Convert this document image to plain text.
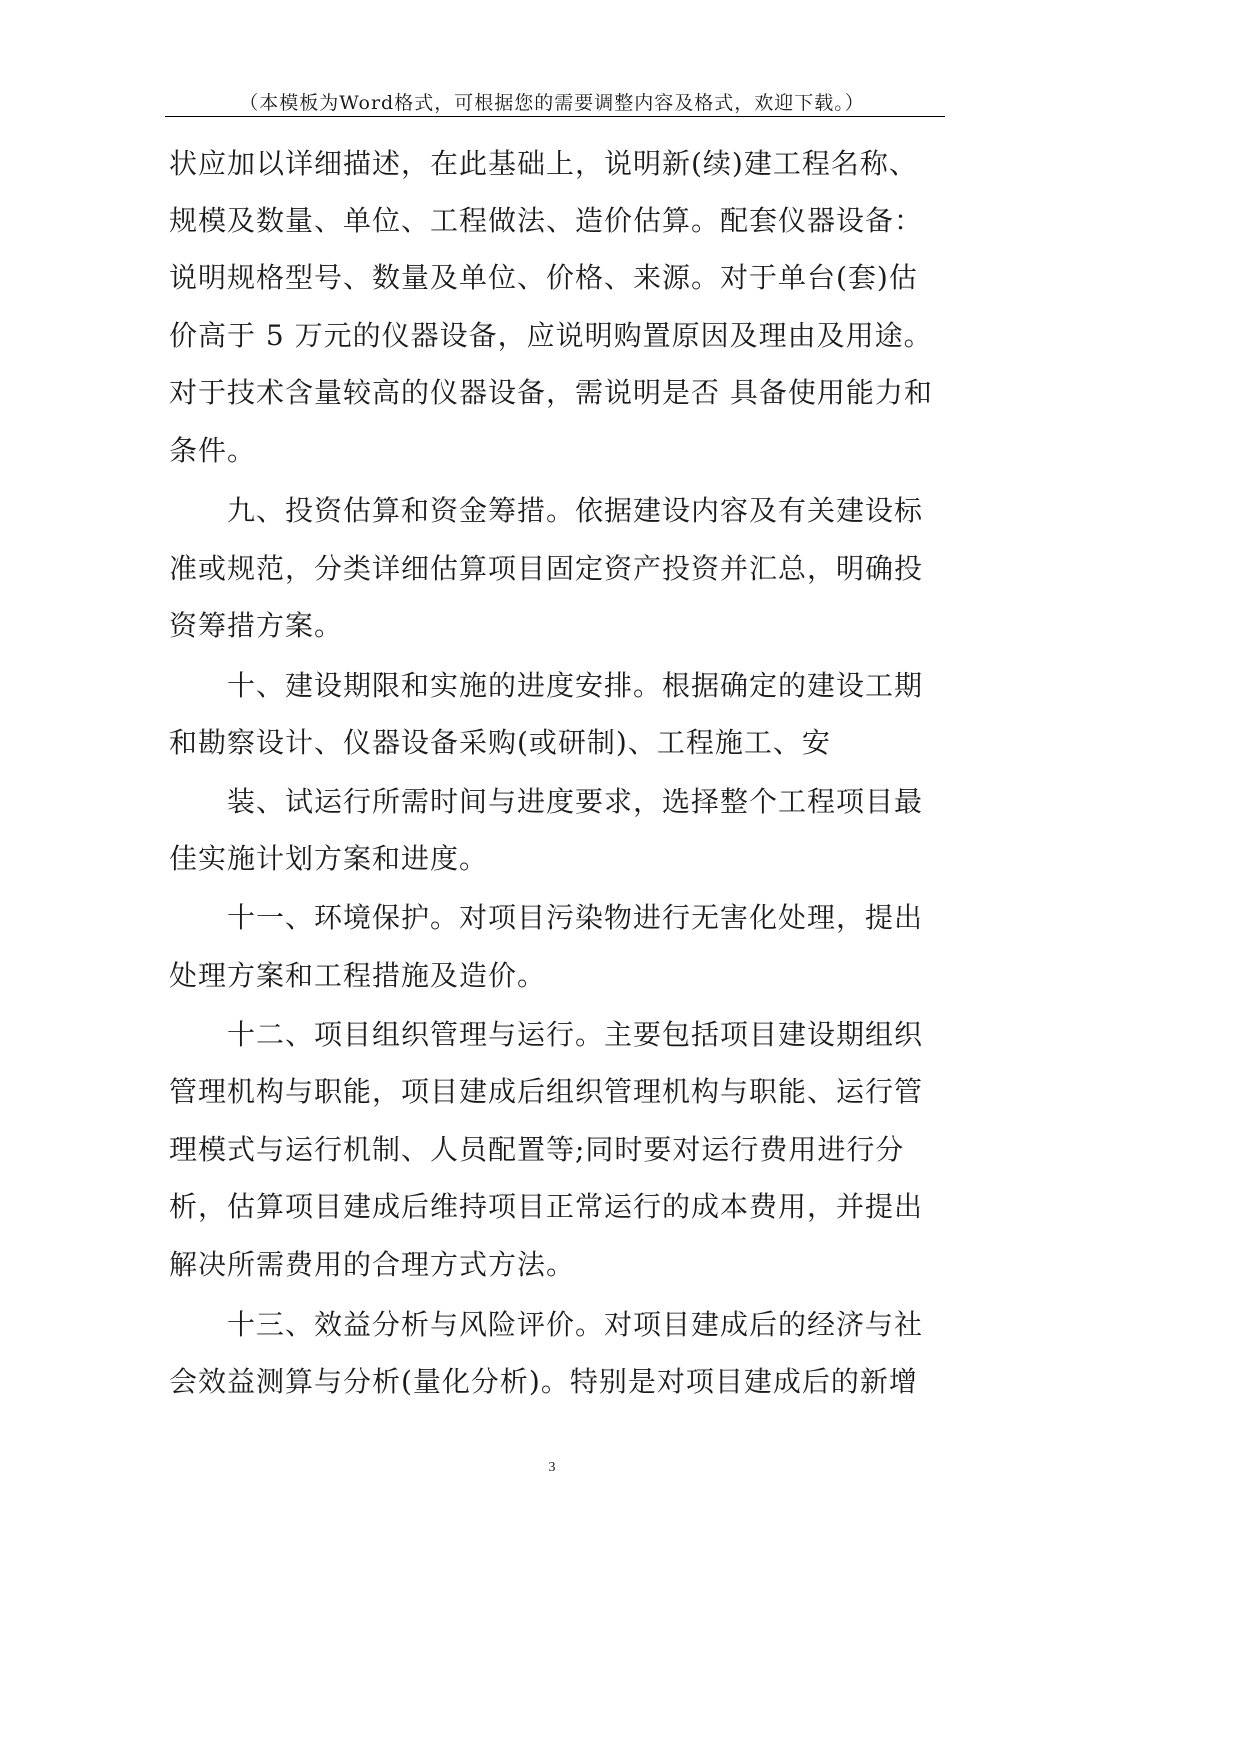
（本模板为Word格式，可根据您的需要调整内容及格式，欢迎下载。）
状应加以详细描述，在此基础上，说明新(续)建工程名称、
规模及数量、单位、工程做法、造价估算。配套仪器设备：
说明规格型号、数量及单位、价格、来源。对于单台(套)估
价高于 5 万元的仪器设备，应说明购置原因及理由及用途。
对于技术含量较高的仪器设备，需说明是否 具备使用能力和
条件。
　　九、投资估算和资金筹措。依据建设内容及有关建设标
准或规范，分类详细估算项目固定资产投资并汇总，明确投
资筹措方案。
　　十、建设期限和实施的进度安排。根据确定的建设工期
和勘察设计、仪器设备采购(或研制)、工程施工、安
　　装、试运行所需时间与进度要求，选择整个工程项目最
佳实施计划方案和进度。
　　十一、环境保护。对项目污染物进行无害化处理，提出
处理方案和工程措施及造价。
　　十二、项目组织管理与运行。主要包括项目建设期组织
管理机构与职能，项目建成后组织管理机构与职能、运行管
理模式与运行机制、人员配置等;同时要对运行费用进行分
析，估算项目建成后维持项目正常运行的成本费用，并提出
解决所需费用的合理方式方法。
　　十三、效益分析与风险评价。对项目建成后的经济与社
会效益测算与分析(量化分析)。特别是对项目建成后的新增
3
